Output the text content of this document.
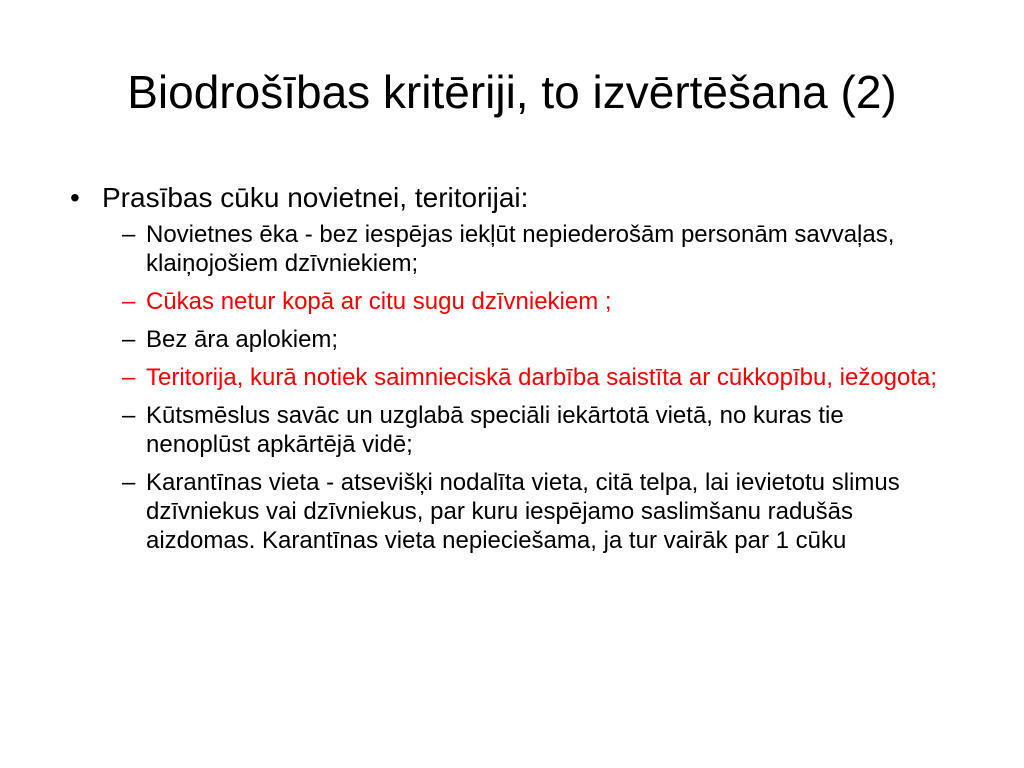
Biodrošības kritēriji, to izvērtēšana (2)
• Prasības cūku novietnei, teritorijai:
– Novietnes ēka - bez iespējas iekļūt nepiederošām personām savvaļas, klaiņojošiem dzīvniekiem;
– Cūkas netur kopā ar citu sugu dzīvniekiem ;
– Bez āra aplokiem;
– Teritorija, kurā notiek saimnieciskā darbība saistīta ar cūkkopību, iežogota;
– Kūtsmēslus savāc un uzglabā speciāli iekārtotā vietā, no kuras tie nenoplūst apkārtējā vidē;
– Karantīnas vieta - atsevišķi nodalīta vieta, citā telpa, lai ievietotu slimus dzīvniekus vai dzīvniekus, par kuru iespējamo saslimšanu radušās aizdomas. Karantīnas vieta nepieciešama, ja tur vairāk par 1 cūku
